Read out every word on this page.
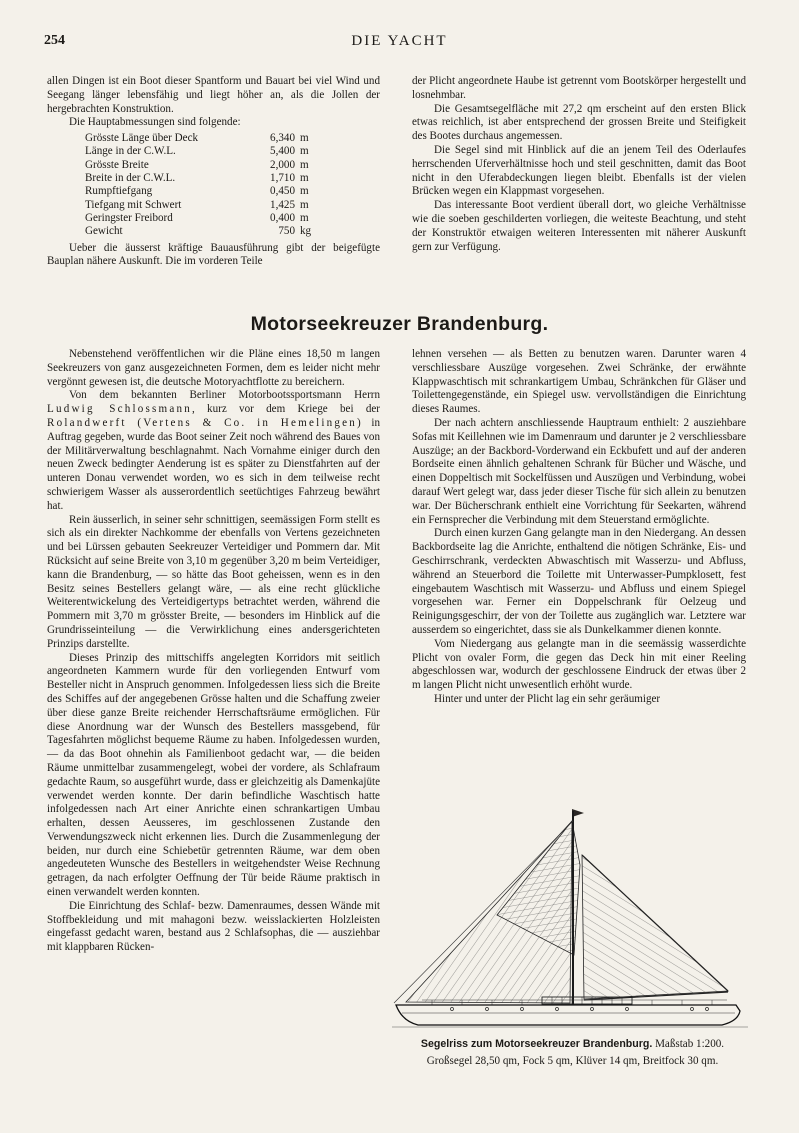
254	DIE YACHT

allen Dingen ist ein Boot dieser Spantform und Bauart bei viel Wind und Seegang länger lebensfähig und liegt höher an, als die Jollen der hergebrachten Konstruktion.

Die Hauptabmessungen sind folgende:

Grösste Länge über Deck	6,340	m
Länge in der C.W.L.	5,400	m
Grösste Breite	2,000	m
Breite in der C.W.L.	1,710	m
Rumpftiefgang	0,450	m
Tiefgang mit Schwert	1,425	m
Geringster Freibord	0,400	m
Gewicht	750	kg

Ueber die äusserst kräftige Bauausführung gibt der beigefügte Bauplan nähere Auskunft. Die im vorderen Teile

der Plicht angeordnete Haube ist getrennt vom Bootskörper hergestellt und losnehmbar.

Die Gesamtsegelfläche mit 27,2 qm erscheint auf den ersten Blick etwas reichlich, ist aber entsprechend der grossen Breite und Steifigkeit des Bootes durchaus angemessen.

Die Segel sind mit Hinblick auf die an jenem Teil des Oderlaufes herrschenden Uferverhältnisse hoch und steil geschnitten, damit das Boot nicht in den Uferabdeckungen liegen bleibt. Ebenfalls ist der vielen Brücken wegen ein Klappmast vorgesehen.

Das interessante Boot verdient überall dort, wo gleiche Verhältnisse wie die soeben geschilderten vorliegen, die weiteste Beachtung, und steht der Konstruktör etwaigen weiteren Interessenten mit näherer Auskunft gern zur Verfügung.

Motorseekreuzer Brandenburg.

Nebenstehend veröffentlichen wir die Pläne eines 18,50 m langen Seekreuzers von ganz ausgezeichneten Formen, dem es leider nicht mehr vergönnt gewesen ist, die deutsche Motoryachtflotte zu bereichern.

Von dem bekannten Berliner Motorbootssportsmann Herrn Ludwig Schlossmann, kurz vor dem Kriege bei der Rolandwerft (Vertens & Co. in Hemelingen) in Auftrag gegeben, wurde das Boot seiner Zeit noch während des Baues von der Militärverwaltung beschlagnahmt. Nach Vornahme einiger durch den neuen Zweck bedingter Aenderung ist es später zu Dienstfahrten auf der unteren Donau verwendet worden, wo es sich in dem teilweise recht schwierigem Wasser als ausserordentlich seetüchtiges Fahrzeug bewährt hat.

Rein äusserlich, in seiner sehr schnittigen, seemässigen Form stellt es sich als ein direkter Nachkomme der ebenfalls von Vertens gezeichneten und bei Lürssen gebauten Seekreuzer Verteidiger und Pommern dar. Mit Rücksicht auf seine Breite von 3,10 m gegenüber 3,20 m beim Verteidiger, kann die Brandenburg, — so hätte das Boot geheissen, wenn es in den Besitz seines Bestellers gelangt wäre, — als eine recht glückliche Weiterentwickelung des Verteidigertyps betrachtet werden, während die Pommern mit 3,70 m grösster Breite, — besonders im Hinblick auf die Grundrisseinteilung — die Verwirklichung eines andersgerichteten Prinzips darstellte.

Dieses Prinzip des mittschiffs angelegten Korridors mit seitlich angeordneten Kammern wurde für den vorliegenden Entwurf vom Besteller nicht in Anspruch genommen. Infolgedessen liess sich die Breite des Schiffes auf der angegebenen Grösse halten und die Schaffung zweier über diese ganze Breite reichender Herrschaftsräume ermöglichen. Für diese Anordnung war der Wunsch des Bestellers massgebend, für Tagesfahrten möglichst bequeme Räume zu haben. Infolgedessen wurden, — da das Boot ohnehin als Familienboot gedacht war, — die beiden Räume unmittelbar zusammengelegt, wobei der vordere, als Schlafraum gedachte Raum, so ausgeführt wurde, dass er gleichzeitig als Damenkajüte verwendet werden konnte. Der darin befindliche Waschtisch hatte infolgedessen nach Art einer Anrichte einen schrankartigen Umbau erhalten, dessen Aeusseres, im geschlossenen Zustande den Verwendungszweck nicht erkennen lies. Durch die Zusammenlegung der beiden, nur durch eine Schiebetür getrennten Räume, war dem oben angedeuteten Wunsche des Bestellers in weitgehendster Weise Rechnung getragen, da nach erfolgter Oeffnung der Tür beide Räume praktisch in einen verwandelt werden konnten.

Die Einrichtung des Schlaf- bezw. Damenraumes, dessen Wände mit Stoffbekleidung und mit mahagoni bezw. weisslackierten Holzleisten eingefasst gedacht waren, bestand aus 2 Schlafsophas, die — ausziehbar mit klappbaren Rücken-

lehnen versehen — als Betten zu benutzen waren. Darunter waren 4 verschliessbare Auszüge vorgesehen. Zwei Schränke, der erwähnte Klappwaschtisch mit schrankartigem Umbau, Schränkchen für Gläser und Toilettengegenstände, ein Spiegel usw. vervollständigen die Einrichtung dieses Raumes.

Der nach achtern anschliessende Hauptraum enthielt: 2 ausziehbare Sofas mit Keillehnen wie im Damenraum und darunter je 2 verschliessbare Auszüge; an der Backbord-Vorderwand ein Eckbufett und auf der anderen Bordseite einen ähnlich gehaltenen Schrank für Bücher und Wäsche, und einen Doppeltisch mit Sockelfüssen und Auszügen und Verbindung, wobei darauf Wert gelegt war, dass jeder dieser Tische für sich allein zu benutzen war. Der Bücherschrank enthielt eine Vorrichtung für Seekarten, während ein Fernsprecher die Verbindung mit dem Steuerstand ermöglichte.

Durch einen kurzen Gang gelangte man in den Niedergang. An dessen Backbordseite lag die Anrichte, enthaltend die nötigen Schränke, Eis- und Geschirrschrank, verdeckten Abwaschtisch mit Wasserzu- und Abfluss, während an Steuerbord die Toilette mit Unterwasser-Pumpklosett, fest eingebautem Waschtisch mit Wasserzu- und Abfluss und einem Spiegel vorgesehen war. Ferner ein Doppelschrank für Oelzeug und Reinigungsgeschirr, der von der Toilette aus zugänglich war. Letztere war ausserdem so eingerichtet, dass sie als Dunkelkammer dienen konnte.

Vom Niedergang aus gelangte man in die seemässig wasserdichte Plicht von ovaler Form, die gegen das Deck hin mit einer Reeling abgeschlossen war, wodurch der geschlossene Eindruck der etwas über 2 m langen Plicht nicht unwesentlich erhöht wurde.

Hinter und unter der Plicht lag ein sehr geräumiger

Segelriss zum Motorseekreuzer Brandenburg. Maßstab 1:200.
Großsegel 28,50 qm, Fock 5 qm, Klüver 14 qm, Breitfock 30 qm.
